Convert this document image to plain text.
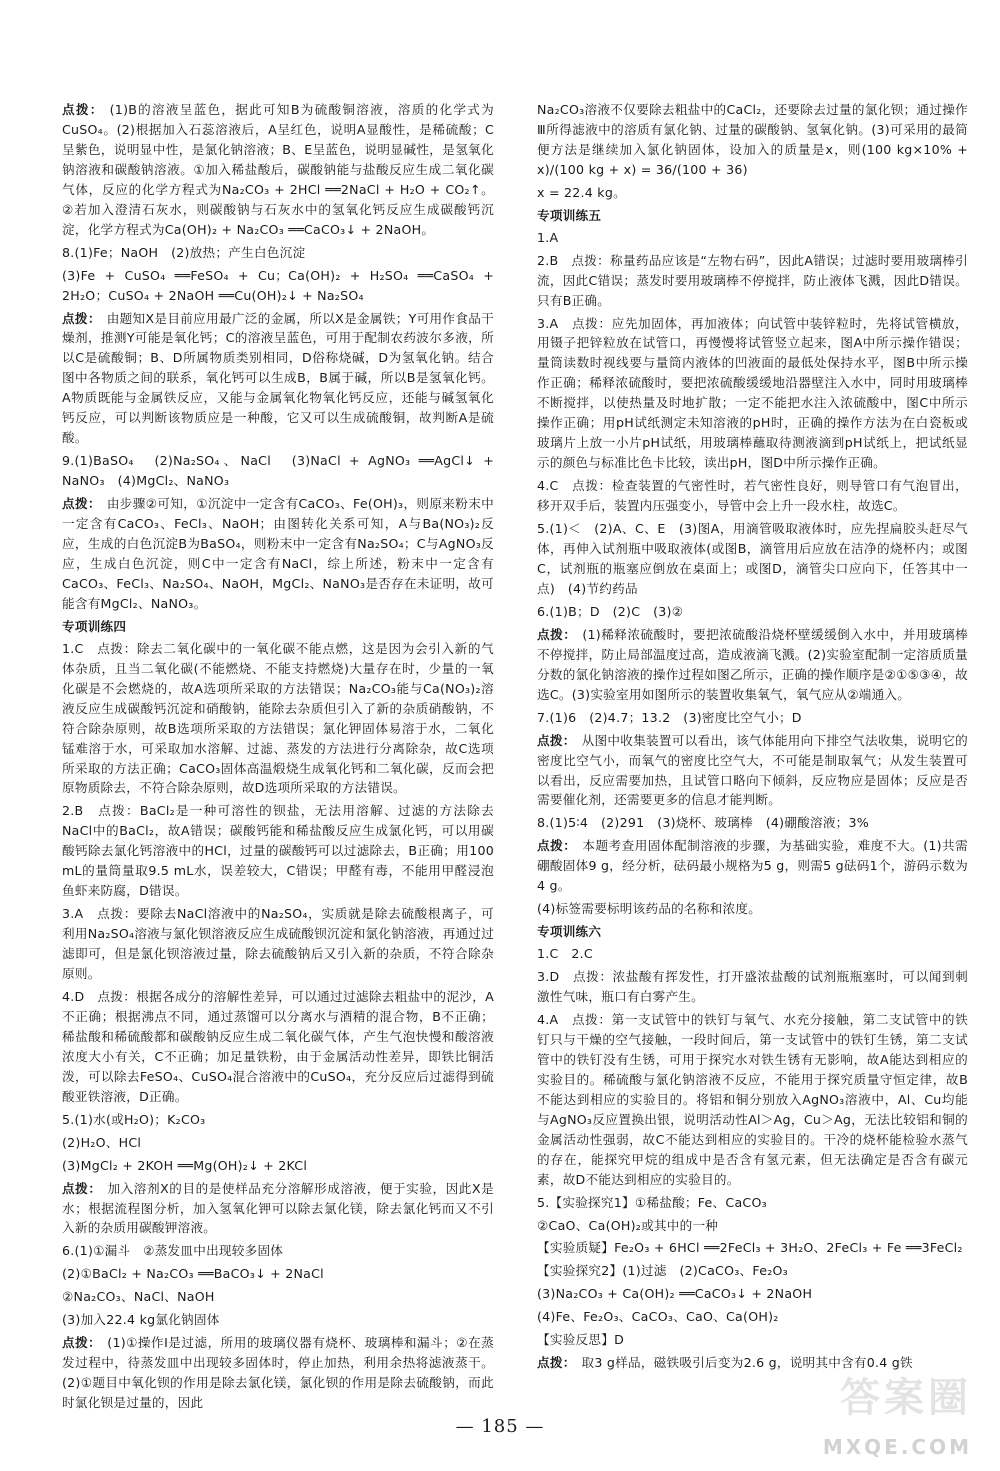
点拨： (1)B的溶液呈蓝色，据此可知B为硫酸铜溶液，溶质的化学式为CuSO₄。(2)根据加入石蕊溶液后，A呈红色，说明A显酸性，是稀硫酸；C呈紫色，说明显中性，是氯化钠溶液；B、E呈蓝色，说明显碱性，是氢氧化钠溶液和碳酸钠溶液。①加入稀盐酸后，碳酸钠能与盐酸反应生成二氧化碳气体，反应的化学方程式为Na₂CO₃ + 2HCl ══2NaCl + H₂O + CO₂↑。②若加入澄清石灰水，则碳酸钠与石灰水中的氢氧化钙反应生成碳酸钙沉淀，化学方程式为Ca(OH)₂ + Na₂CO₃ ══CaCO₃↓ + 2NaOH。

8.(1)Fe；NaOH　(2)放热；产生白色沉淀

(3)Fe + CuSO₄ ══FeSO₄ + Cu；Ca(OH)₂ + H₂SO₄ ══CaSO₄ + 2H₂O；CuSO₄ + 2NaOH ══Cu(OH)₂↓ + Na₂SO₄

点拨： 由题知X是目前应用最广泛的金属，所以X是金属铁；Y可用作食品干燥剂，推测Y可能是氧化钙；C的溶液呈蓝色，可用于配制农药波尔多液，所以C是硫酸铜；B、D所属物质类别相同，D俗称烧碱，D为氢氧化钠。结合图中各物质之间的联系，氧化钙可以生成B，B属于碱，所以B是氢氧化钙。A物质既能与金属铁反应，又能与金属氧化物氧化钙反应，还能与碱氢氧化钙反应，可以判断该物质应是一种酸，它又可以生成硫酸铜，故判断A是硫酸。

9.(1)BaSO₄　(2)Na₂SO₄、NaCl　(3)NaCl + AgNO₃ ══AgCl↓ + NaNO₃　(4)MgCl₂、NaNO₃

点拨： 由步骤②可知，①沉淀中一定含有CaCO₃、Fe(OH)₃，则原来粉末中一定含有CaCO₃、FeCl₃、NaOH；由图转化关系可知，A与Ba(NO₃)₂反应，生成的白色沉淀B为BaSO₄，则粉末中一定含有Na₂SO₄；C与AgNO₃反应，生成白色沉淀，则C中一定含有NaCl，综上所述，粉末中一定含有CaCO₃、FeCl₃、Na₂SO₄、NaOH，MgCl₂、NaNO₃是否存在未证明，故可能含有MgCl₂、NaNO₃。

专项训练四

1.C　点拨：除去二氧化碳中的一氧化碳不能点燃，这是因为会引入新的气体杂质，且当二氧化碳(不能燃烧、不能支持燃烧)大量存在时，少量的一氧化碳是不会燃烧的，故A选项所采取的方法错误；Na₂CO₃能与Ca(NO₃)₂溶液反应生成碳酸钙沉淀和硝酸钠，能除去杂质但引入了新的杂质硝酸钠，不符合除杂原则，故B选项所采取的方法错误；氯化钾固体易溶于水，二氧化锰难溶于水，可采取加水溶解、过滤、蒸发的方法进行分离除杂，故C选项所采取的方法正确；CaCO₃固体高温煅烧生成氧化钙和二氧化碳，反而会把原物质除去，不符合除杂原则，故D选项所采取的方法错误。

2.B　点拨：BaCl₂是一种可溶性的钡盐，无法用溶解、过滤的方法除去NaCl中的BaCl₂，故A错误；碳酸钙能和稀盐酸反应生成氯化钙，可以用碳酸钙除去氯化钙溶液中的HCl，过量的碳酸钙可以过滤除去，B正确；用100 mL的量筒量取9.5 mL水，误差较大，C错误；甲醛有毒，不能用甲醛浸泡鱼虾来防腐，D错误。

3.A　点拨：要除去NaCl溶液中的Na₂SO₄，实质就是除去硫酸根离子，可利用Na₂SO₄溶液与氯化钡溶液反应生成硫酸钡沉淀和氯化钠溶液，再通过过滤即可，但是氯化钡溶液过量，除去硫酸钠后又引入新的杂质，不符合除杂原则。

4.D　点拨：根据各成分的溶解性差异，可以通过过滤除去粗盐中的泥沙，A不正确；根据沸点不同，通过蒸馏可以分离水与酒精的混合物，B不正确；稀盐酸和稀硫酸都和碳酸钠反应生成二氧化碳气体，产生气泡快慢和酸溶液浓度大小有关，C不正确；加足量铁粉，由于金属活动性差异，即铁比铜活泼，可以除去FeSO₄、CuSO₄混合溶液中的CuSO₄，充分反应后过滤得到硫酸亚铁溶液，D正确。

5.(1)水(或H₂O)；K₂CO₃

(2)H₂O、HCl

(3)MgCl₂ + 2KOH ══Mg(OH)₂↓ + 2KCl

点拨： 加入溶剂X的目的是使样品充分溶解形成溶液，便于实验，因此X是水；根据流程图分析，加入氢氧化钾可以除去氯化镁，除去氯化钙而又不引入新的杂质用碳酸钾溶液。

6.(1)①漏斗　②蒸发皿中出现较多固体

(2)①BaCl₂ + Na₂CO₃ ══BaCO₃↓ + 2NaCl

②Na₂CO₃、NaCl、NaOH

(3)加入22.4 kg氯化钠固体

点拨： (1)①操作I是过滤，所用的玻璃仪器有烧杯、玻璃棒和漏斗；②在蒸发过程中，待蒸发皿中出现较多固体时，停止加热，利用余热将滤液蒸干。(2)①题目中氧化钡的作用是除去氯化镁，氯化钡的作用是除去硫酸钠，而此时氯化钡是过量的，因此

Na₂CO₃溶液不仅要除去粗盐中的CaCl₂，还要除去过量的氯化钡；通过操作Ⅲ所得滤液中的溶质有氯化钠、过量的碳酸钠、氢氧化钠。(3)可采用的最简便方法是继续加入氯化钠固体，设加入的质量是x，则(100 kg×10% + x)/(100 kg + x) = 36/(100 + 36)

x = 22.4 kg。

专项训练五

1.A

2.B　点拨：称量药品应该是“左物右码”，因此A错误；过滤时要用玻璃棒引流，因此C错误；蒸发时要用玻璃棒不停搅拌，防止液体飞溅，因此D错误。只有B正确。

3.A　点拨：应先加固体，再加液体；向试管中装锌粒时，先将试管横放，用镊子把锌粒放在试管口，再慢慢将试管竖立起来，图A中所示操作错误；量筒读数时视线要与量筒内液体的凹液面的最低处保持水平，图B中所示操作正确；稀释浓硫酸时，要把浓硫酸缓缓地沿器壁注入水中，同时用玻璃棒不断搅拌，以使热量及时地扩散；一定不能把水注入浓硫酸中，图C中所示操作正确；用pH试纸测定未知溶液的pH时，正确的操作方法为在白瓷板或玻璃片上放一小片pH试纸，用玻璃棒蘸取待测液滴到pH试纸上，把试纸显示的颜色与标准比色卡比较，读出pH，图D中所示操作正确。

4.C　点拨：检查装置的气密性时，若气密性良好，则导管口有气泡冒出，移开双手后，装置内压强变小，导管中会上升一段水柱，故选C。

5.(1)＜　(2)A、C、E　(3)图A，用滴管吸取液体时，应先捏扁胶头赶尽气体，再伸入试剂瓶中吸取液体(或图B，滴管用后应放在洁净的烧杯内；或图C，试剂瓶的瓶塞应倒放在桌面上；或图D，滴管尖口应向下，任答其中一点)　(4)节约药品

6.(1)B；D　(2)C　(3)②

点拨： (1)稀释浓硫酸时，要把浓硫酸沿烧杯壁缓缓倒入水中，并用玻璃棒不停搅拌，防止局部温度过高，造成液滴飞溅。(2)实验室配制一定溶质质量分数的氯化钠溶液的操作过程如图乙所示，正确的操作顺序是②①⑤③④，故选C。(3)实验室用如图所示的装置收集氧气，氧气应从②端通入。

7.(1)6　(2)4.7；13.2　(3)密度比空气小；D

点拨： 从图中收集装置可以看出，该气体能用向下排空气法收集，说明它的密度比空气小，而氧气的密度比空气大，不可能是制取氧气；从发生装置可以看出，反应需要加热，且试管口略向下倾斜，反应物应是固体；反应是否需要催化剂，还需要更多的信息才能判断。

8.(1)5∶4　(2)291　(3)烧杯、玻璃棒　(4)硼酸溶液；3%

点拨： 本题考查用固体配制溶液的步骤，为基础实验，难度不大。(1)共需硼酸固体9 g，经分析，砝码最小规格为5 g，则需5 g砝码1个，游码示数为4 g。

(4)标签需要标明该药品的名称和浓度。

专项训练六

1.C　2.C

3.D　点拨：浓盐酸有挥发性，打开盛浓盐酸的试剂瓶瓶塞时，可以闻到刺激性气味，瓶口有白雾产生。

4.A　点拨：第一支试管中的铁钉与氧气、水充分接触，第二支试管中的铁钉只与干燥的空气接触，一段时间后，第一支试管中的铁钉生锈，第二支试管中的铁钉没有生锈，可用于探究水对铁生锈有无影响，故A能达到相应的实验目的。稀硫酸与氯化钠溶液不反应，不能用于探究质量守恒定律，故B不能达到相应的实验目的。将铝和铜分别放入AgNO₃溶液中，Al、Cu均能与AgNO₃反应置换出银，说明活动性Al＞Ag，Cu＞Ag，无法比较铝和铜的金属活动性强弱，故C不能达到相应的实验目的。干冷的烧杯能检验水蒸气的存在，能探究甲烷的组成中是否含有氢元素，但无法确定是否含有碳元素，故D不能达到相应的实验目的。

5.【实验探究1】①稀盐酸；Fe、CaCO₃

②CaO、Ca(OH)₂或其中的一种

【实验质疑】Fe₂O₃ + 6HCl ══2FeCl₃ + 3H₂O、2FeCl₃ + Fe ══3FeCl₂

【实验探究2】(1)过滤　(2)CaCO₃、Fe₂O₃

(3)Na₂CO₃ + Ca(OH)₂ ══CaCO₃↓ + 2NaOH

(4)Fe、Fe₂O₃、CaCO₃、CaO、Ca(OH)₂

【实验反思】D

点拨： 取3 g样品，磁铁吸引后变为2.6 g，说明其中含有0.4 g铁

— 185 —
答案圈
MXQE.COM
